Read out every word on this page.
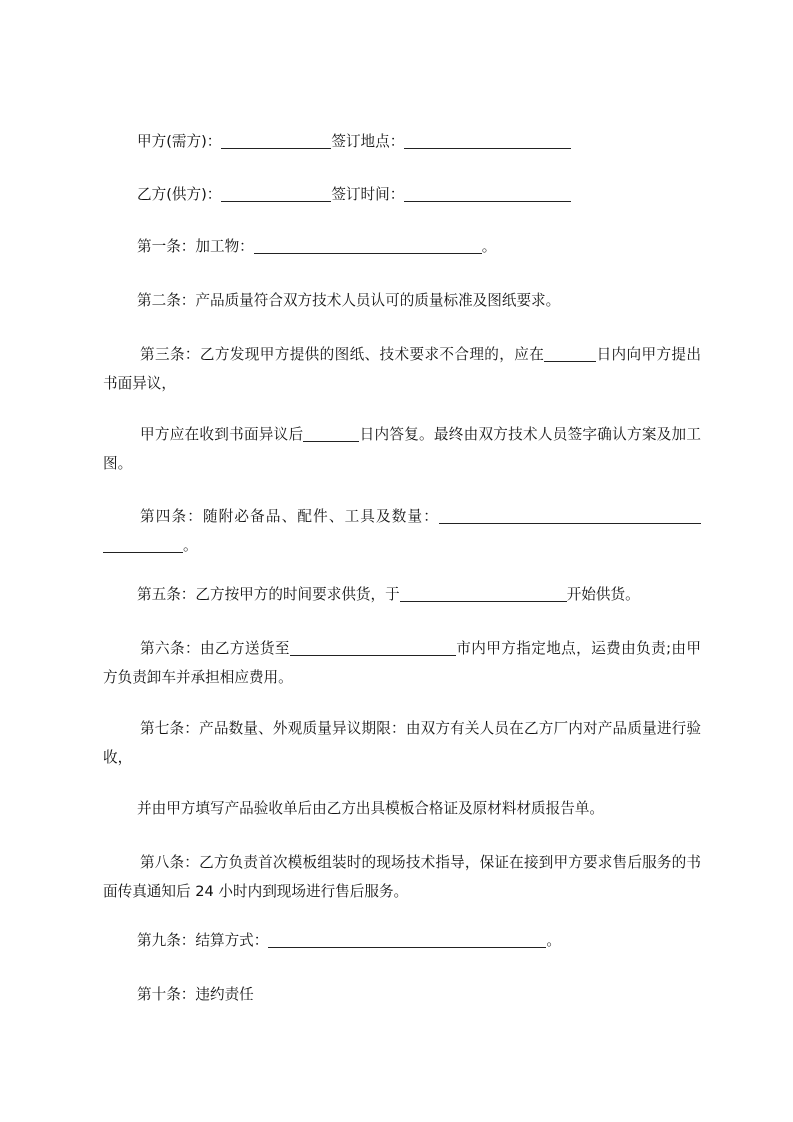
甲方(需方)：	签订地点：
乙方(供方)：	签订时间：
第一条：加工物：	。
第二条：产品质量符合双方技术人员认可的质量标准及图纸要求。
第三条：乙方发现甲方提供的图纸、技术要求不合理的，应在	日内向甲方提出书面异议，
甲方应在收到书面异议后	日内答复。最终由双方技术人员签字确认方案及加工图。
第四条：随附必备品、配件、工具及数量：。
第五条：乙方按甲方的时间要求供货，于	开始供货。
第六条：由乙方送货至	市内甲方指定地点，运费由负责;由甲方负责卸车并承担相应费用。
第七条：产品数量、外观质量异议期限：由双方有关人员在乙方厂内对产品质量进行验收，
并由甲方填写产品验收单后由乙方出具模板合格证及原材料材质报告单。
第八条：乙方负责首次模板组装时的现场技术指导，保证在接到甲方要求售后服务的书面传真通知后 24 小时内到现场进行售后服务。
第九条：结算方式：	。
第十条：违约责任
